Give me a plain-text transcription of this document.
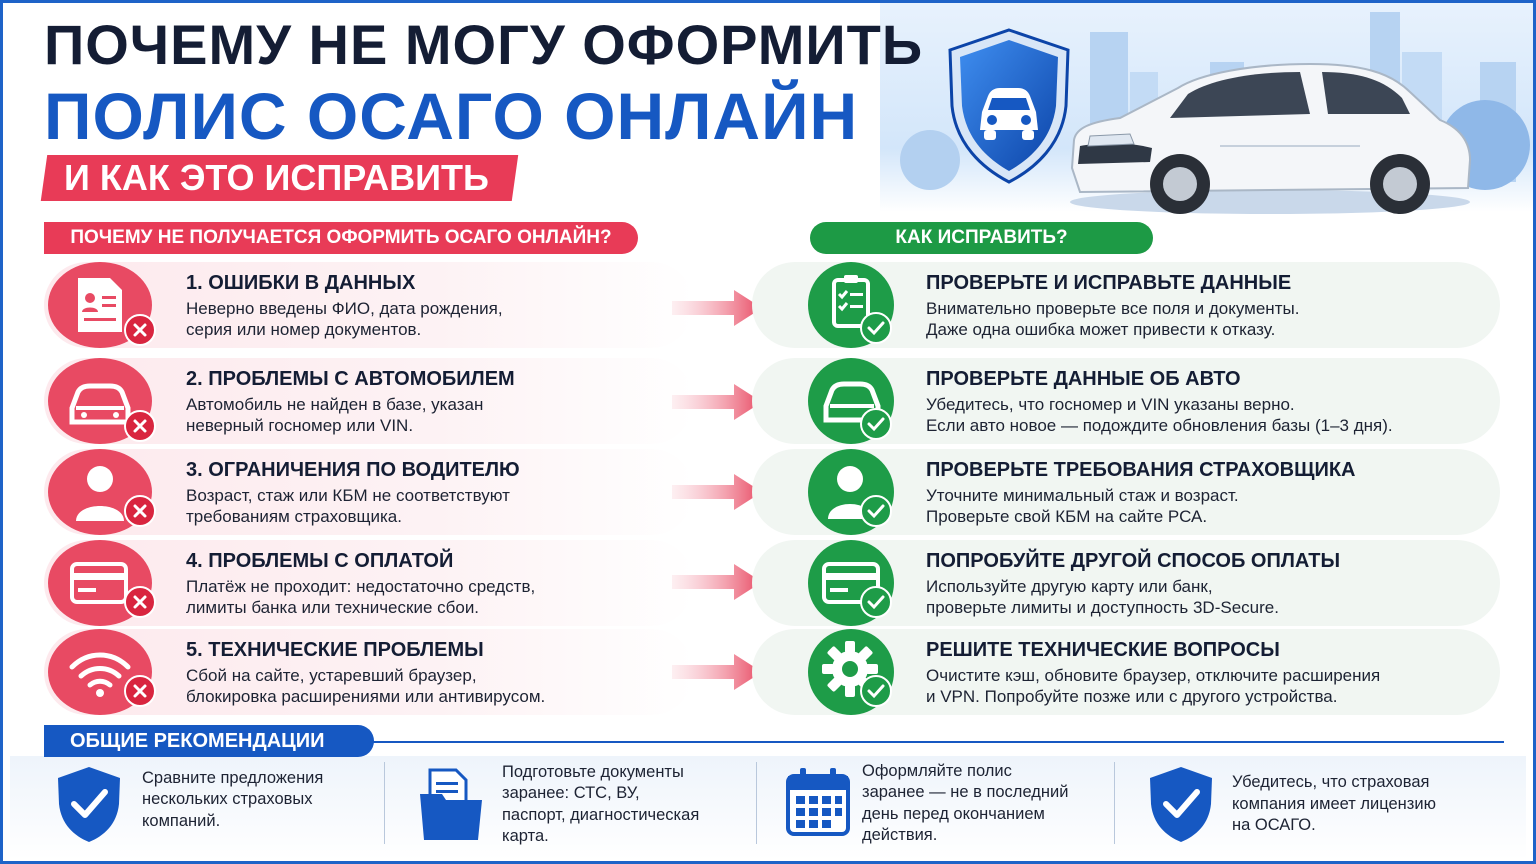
ПОЧЕМУ НЕ МОГУ ОФОРМИТЬ
ПОЛИС ОСАГО ОНЛАЙН
И КАК ЭТО ИСПРАВИТЬ
ПОЧЕМУ НЕ ПОЛУЧАЕТСЯ ОФОРМИТЬ ОСАГО ОНЛАЙН?	КАК ИСПРАВИТЬ?
1. ОШИБКИ В ДАННЫХ
Неверно введены ФИО, дата рождения,
серия или номер документов.
2. ПРОБЛЕМЫ С АВТОМОБИЛЕМ
Автомобиль не найден в базе, указан
неверный госномер или VIN.
3. ОГРАНИЧЕНИЯ ПО ВОДИТЕЛЮ
Возраст, стаж или КБМ не соответствуют
требованиям страховщика.
4. ПРОБЛЕМЫ С ОПЛАТОЙ
Платёж не проходит: недостаточно средств,
лимиты банка или технические сбои.
5. ТЕХНИЧЕСКИЕ ПРОБЛЕМЫ
Сбой на сайте, устаревший браузер,
блокировка расширениями или антивирусом.
ПРОВЕРЬТЕ И ИСПРАВЬТЕ ДАННЫЕ
Внимательно проверьте все поля и документы.
Даже одна ошибка может привести к отказу.
ПРОВЕРЬТЕ ДАННЫЕ ОБ АВТО
Убедитесь, что госномер и VIN указаны верно.
Если авто новое — подождите обновления базы (1–3 дня).
ПРОВЕРЬТЕ ТРЕБОВАНИЯ СТРАХОВЩИКА
Уточните минимальный стаж и возраст.
Проверьте свой КБМ на сайте РСА.
ПОПРОБУЙТЕ ДРУГОЙ СПОСОБ ОПЛАТЫ
Используйте другую карту или банк,
проверьте лимиты и доступность 3D-Secure.
РЕШИТЕ ТЕХНИЧЕСКИЕ ВОПРОСЫ
Очистите кэш, обновите браузер, отключите расширения
и VPN. Попробуйте позже или с другого устройства.
ОБЩИЕ РЕКОМЕНДАЦИИ
Сравните предложения
нескольких страховых
компаний.
Подготовьте документы
заранее: СТС, ВУ,
паспорт, диагностическая
карта.
Оформляйте полис
заранее — не в последний
день перед окончанием
действия.
Убедитесь, что страховая
компания имеет лицензию
на ОСАГО.
